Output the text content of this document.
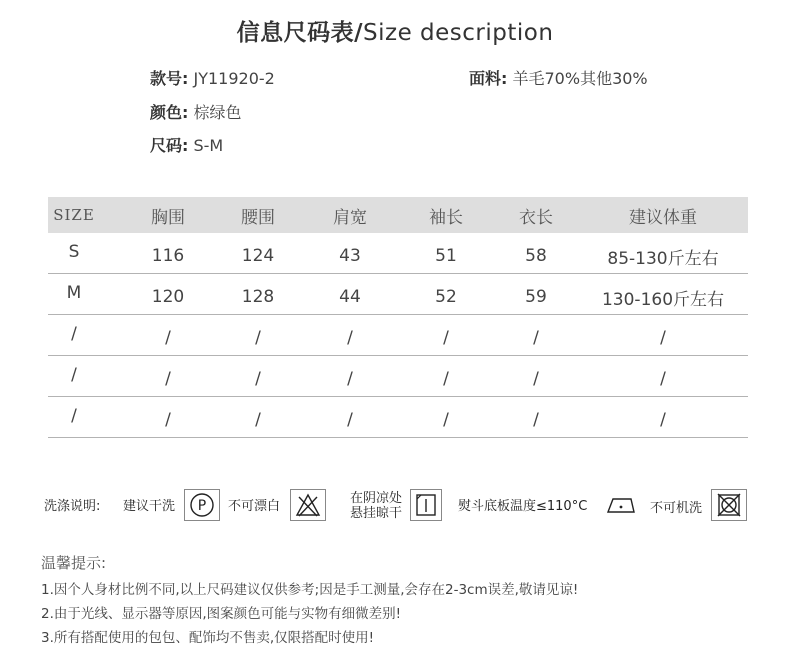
信息尺码表/Size description
款号: JY11920-2	面料: 羊毛70%其他30%
颜色: 棕绿色
尺码: S-M
SIZE	胸围	腰围	肩宽	袖长	衣长	建议体重
S	116	124	43	51	58	85-130斤左右
M	120	128	44	52	59	130-160斤左右
/	/	/	/	/	/	/
/	/	/	/	/	/	/
/	/	/	/	/	/	/
洗涤说明: 建议干洗 P 不可漂白
在阴凉处
悬挂晾干	熨斗底板温度≤110°C	不可机洗
温馨提示:
1.因个人身材比例不同,以上尺码建议仅供参考;因是手工测量,会存在2-3cm误差,敬请见谅!
2.由于光线、显示器等原因,图案颜色可能与实物有细微差别!
3.所有搭配使用的包包、配饰均不售卖,仅限搭配时使用!
